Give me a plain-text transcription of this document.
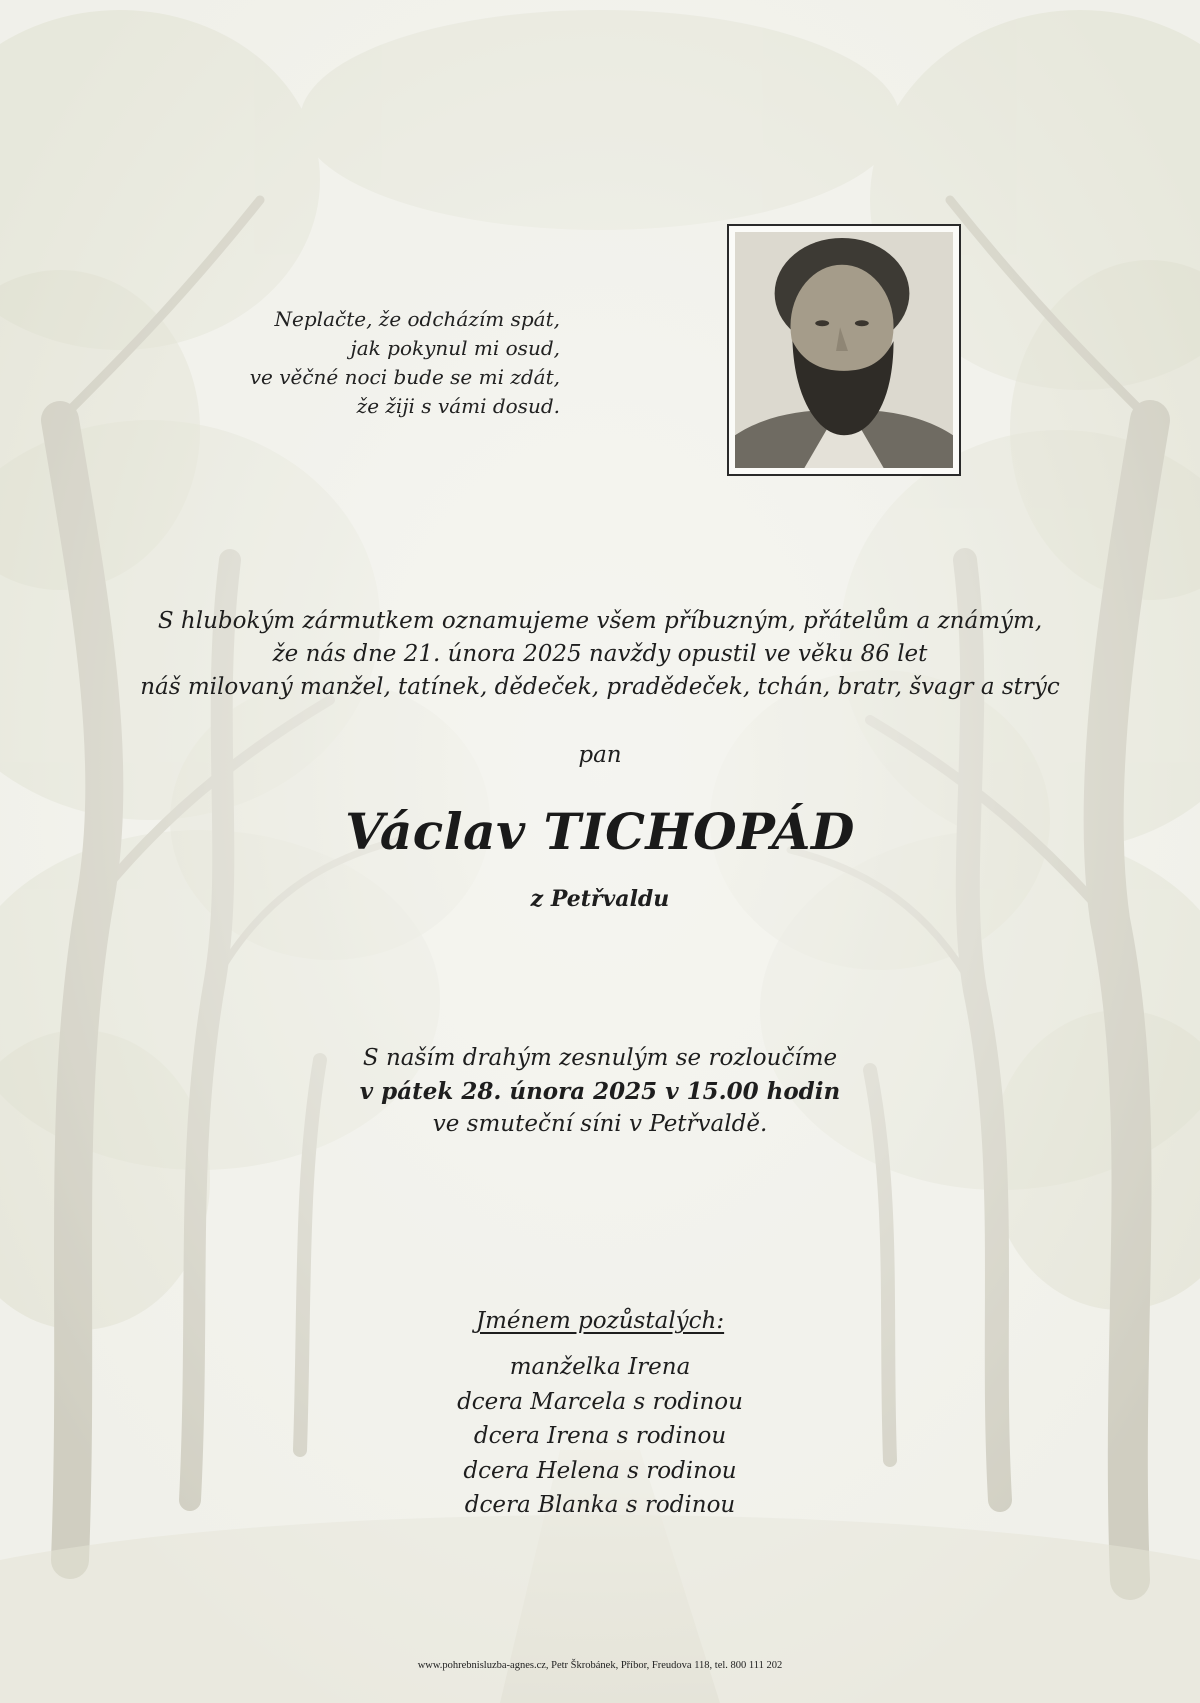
Neplačte, že odcházím spát,
jak pokynul mi osud,
ve věčné noci bude se mi zdát,
že žiji s vámi dosud.
S hlubokým zármutkem oznamujeme všem příbuzným, přátelům a známým,
že nás dne 21. února 2025 navždy opustil ve věku 86 let
náš milovaný manžel, tatínek, dědeček, pradědeček, tchán, bratr, švagr a strýc
pan
Václav TICHOPÁD
z Petřvaldu
S naším drahým zesnulým se rozloučíme
v pátek 28. února 2025 v 15.00 hodin
ve smuteční síni v Petřvaldě.
Jménem pozůstalých:
manželka Irena
dcera Marcela s rodinou
dcera Irena s rodinou
dcera Helena s rodinou
dcera Blanka s rodinou
www.pohrebnisluzba-agnes.cz, Petr Škrobánek, Příbor, Freudova 118, tel. 800 111 202
